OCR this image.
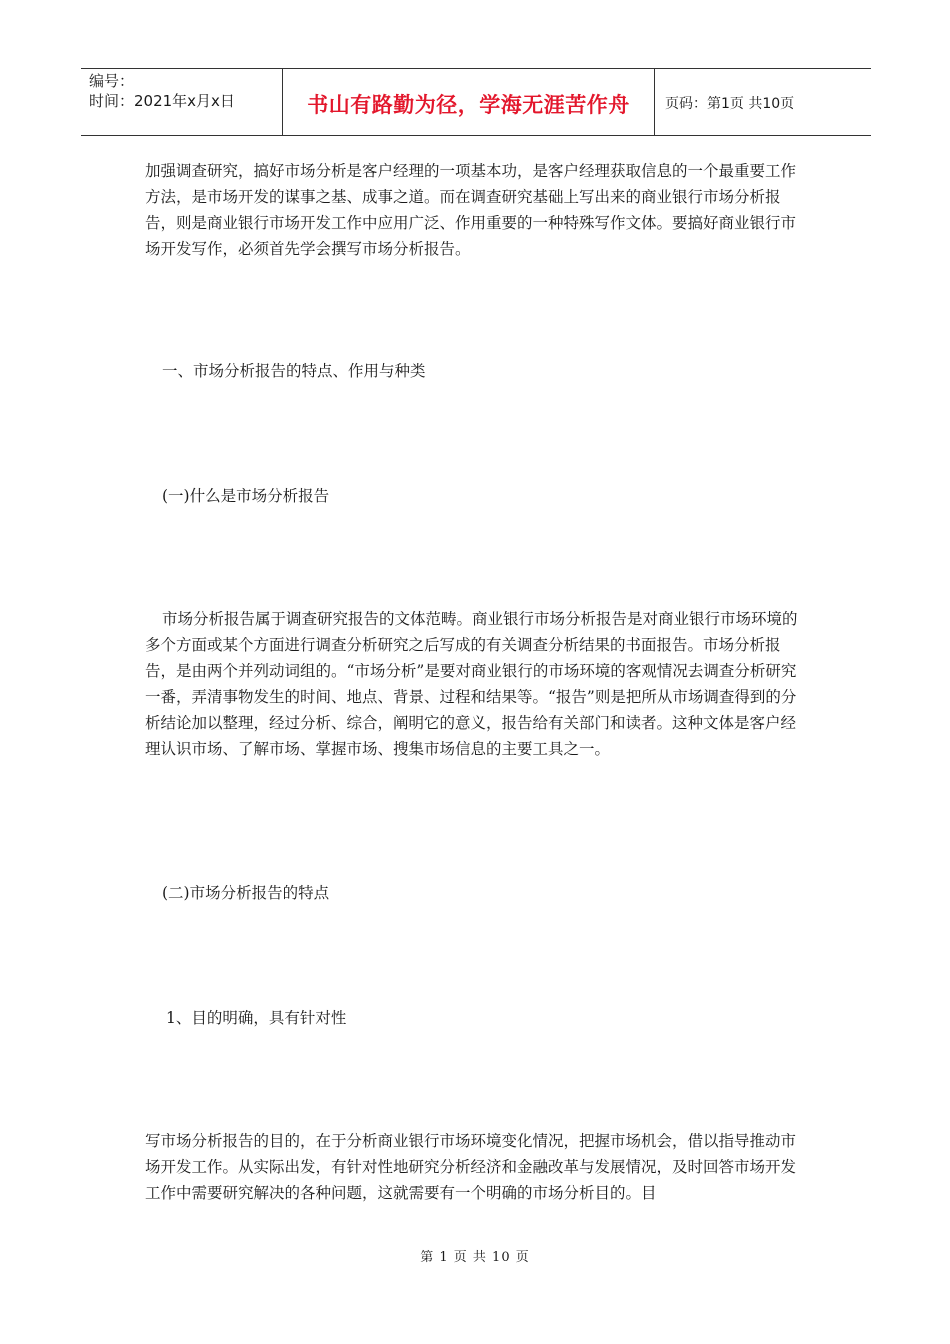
编号：
时间：2021年x月x日	书山有路勤为径，学海无涯苦作舟	页码：第1页 共10页

加强调查研究，搞好市场分析是客户经理的一项基本功，是客户经理获取信息的一个最重要工作方法，是市场开发的谋事之基、成事之道。而在调查研究基础上写出来的商业银行市场分析报告，则是商业银行市场开发工作中应用广泛、作用重要的一种特殊写作文体。要搞好商业银行市场开发写作，必须首先学会撰写市场分析报告。

一、市场分析报告的特点、作用与种类

(一)什么是市场分析报告

市场分析报告属于调查研究报告的文体范畴。商业银行市场分析报告是对商业银行市场环境的多个方面或某个方面进行调查分析研究之后写成的有关调查分析结果的书面报告。市场分析报告，是由两个并列动词组的。“市场分析”是要对商业银行的市场环境的客观情况去调查分析研究一番，弄清事物发生的时间、地点、背景、过程和结果等。“报告”则是把所从市场调查得到的分析结论加以整理，经过分析、综合，阐明它的意义，报告给有关部门和读者。这种文体是客户经理认识市场、了解市场、掌握市场、搜集市场信息的主要工具之一。

(二)市场分析报告的特点

1、目的明确，具有针对性

写市场分析报告的目的，在于分析商业银行市场环境变化情况，把握市场机会，借以指导推动市场开发工作。从实际出发，有针对性地研究分析经济和金融改革与发展情况，及时回答市场开发工作中需要研究解决的各种问题，这就需要有一个明确的市场分析目的。目

第 1 页 共 10 页
